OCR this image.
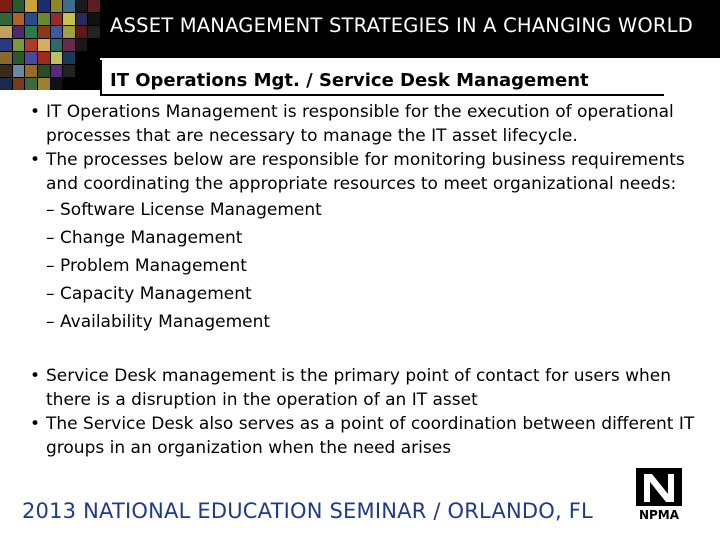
ASSET MANAGEMENT STRATEGIES IN A CHANGING WORLD
IT Operations Mgt. / Service Desk Management
• IT Operations Management is responsible for the execution of operational processes that are necessary to manage the IT asset lifecycle.
• The processes below are responsible for monitoring business requirements and coordinating the appropriate resources to meet organizational needs:
– Software License Management
– Change Management
– Problem Management
– Capacity Management
– Availability Management
• Service Desk management is the primary point of contact for users when there is a disruption in the operation of an IT asset
• The Service Desk also serves as a point of coordination between different IT groups in an organization when the need arises
2013 NATIONAL EDUCATION SEMINAR / ORLANDO, FL	NPMA
